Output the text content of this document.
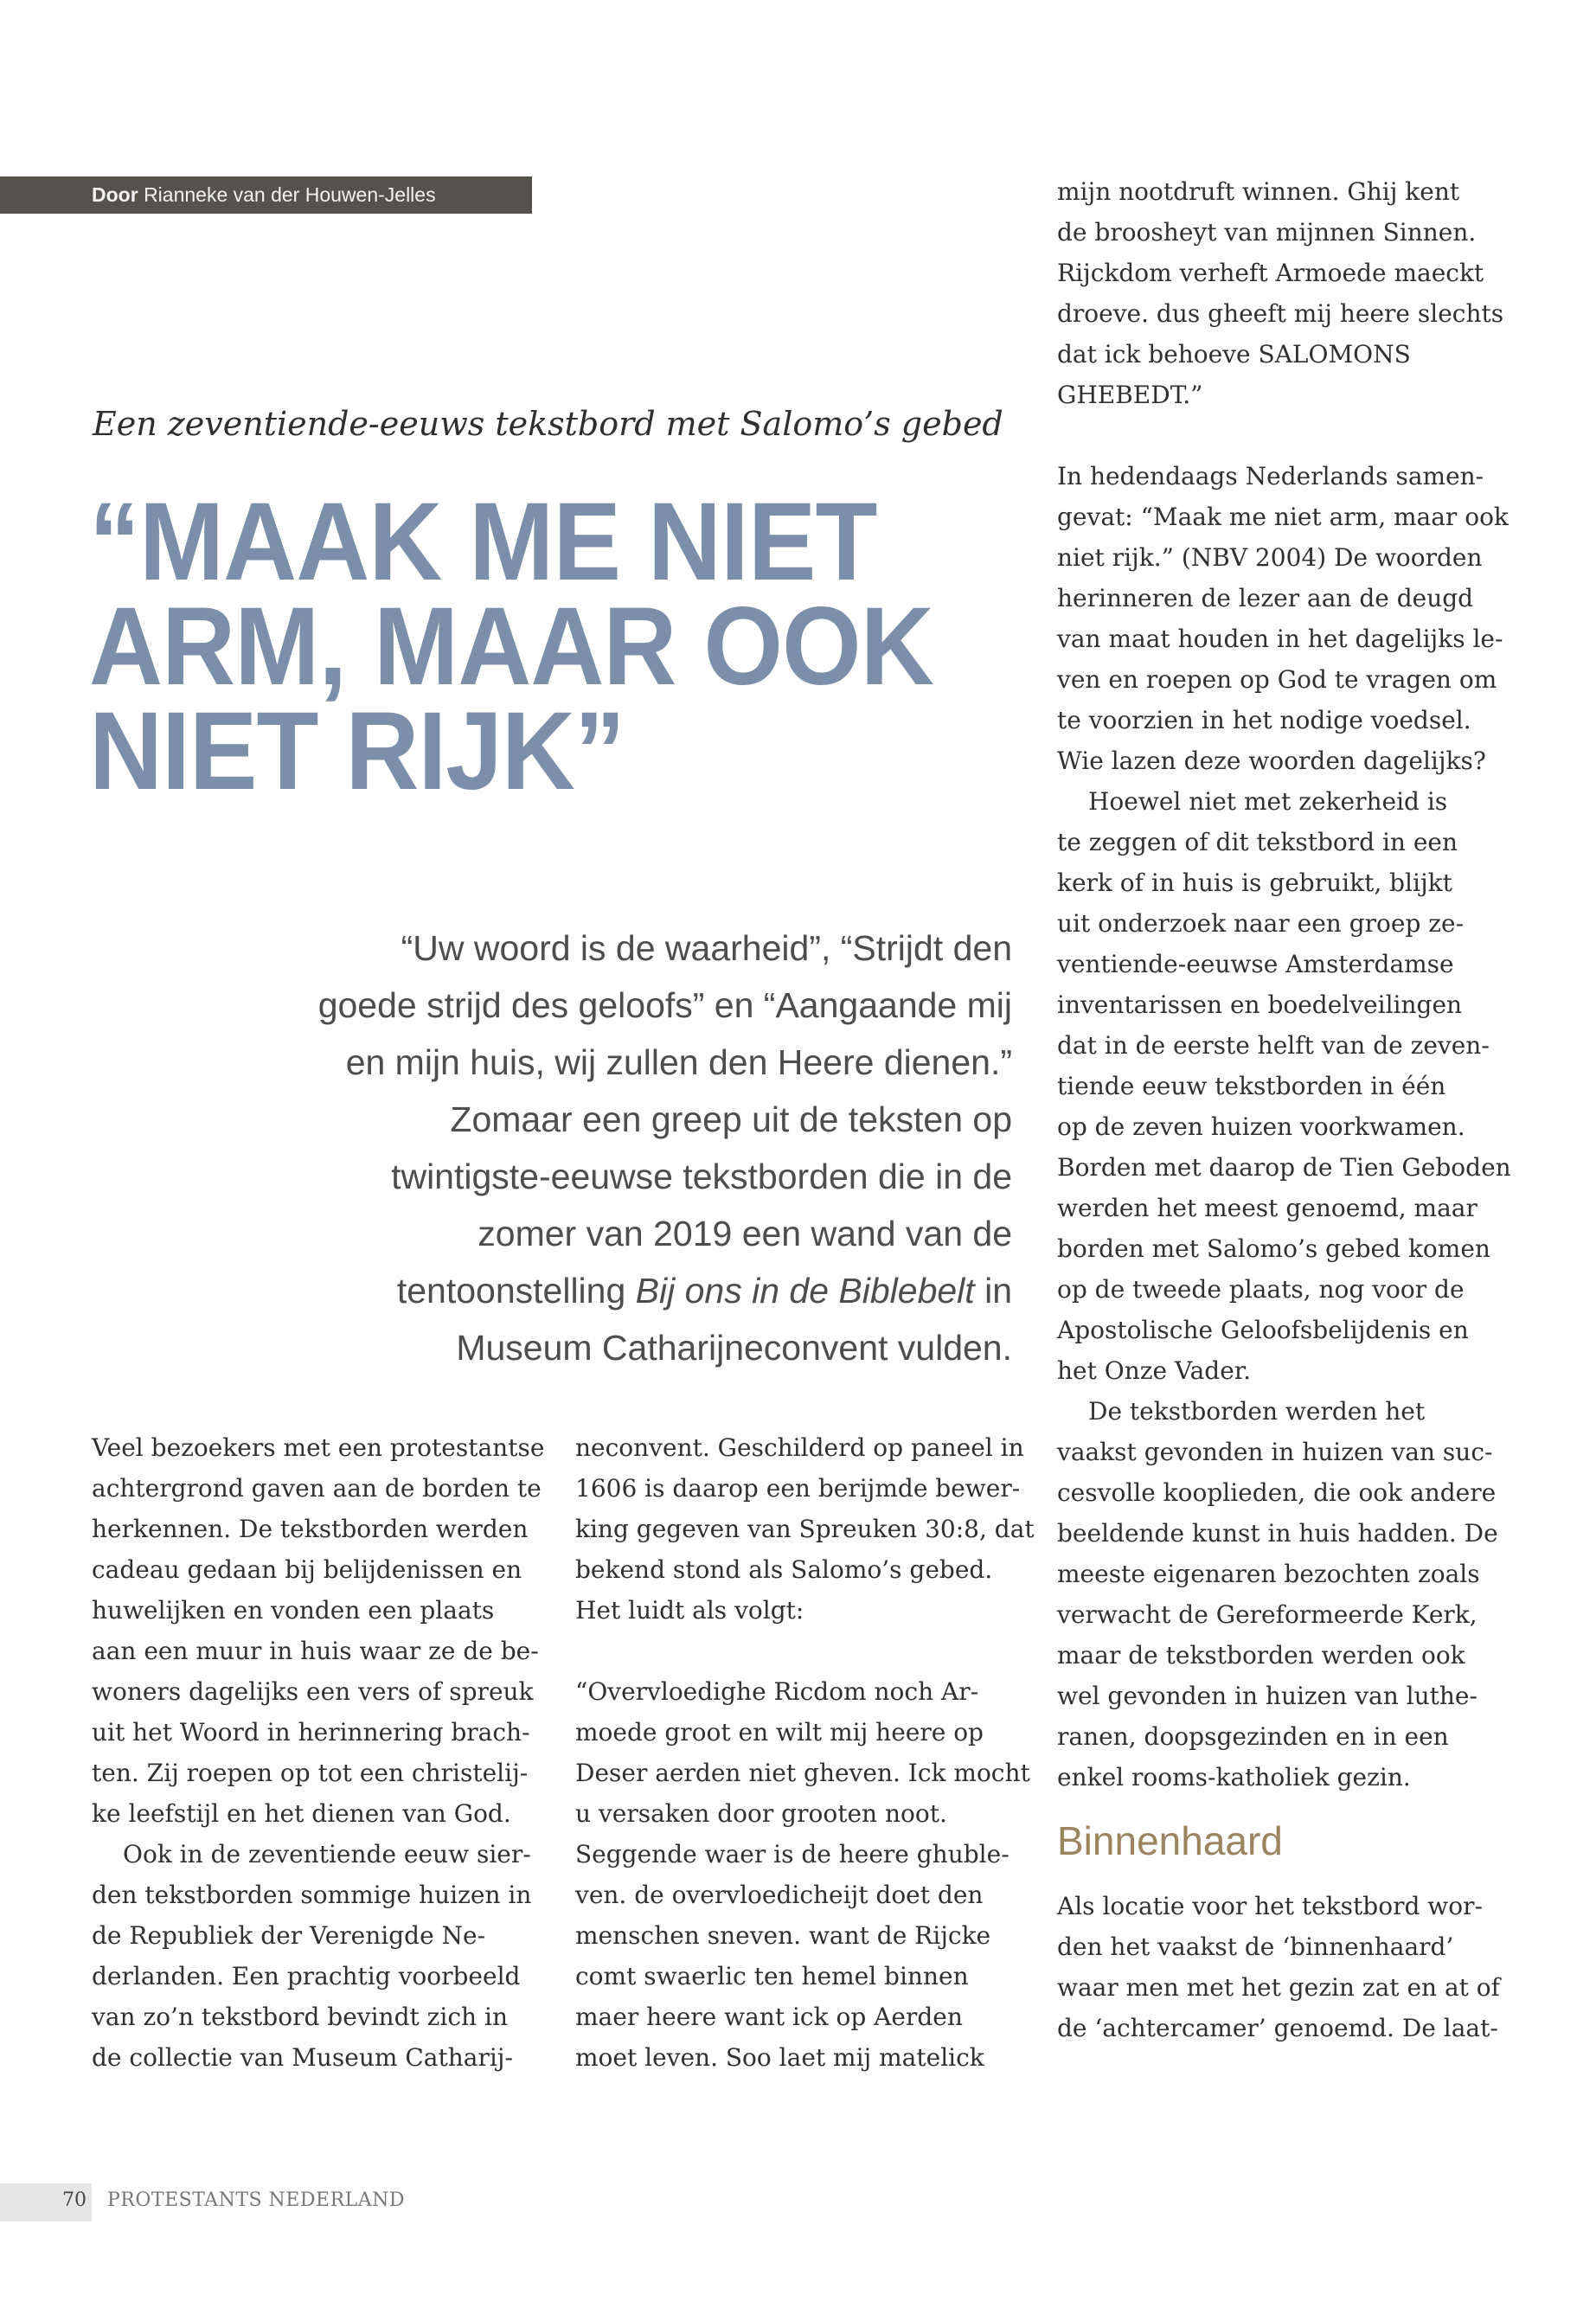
Door Rianneke van der Houwen-Jelles
Een zeventiende-eeuws tekstbord met Salomo’s gebed
“MAAK ME NIET
ARM, MAAR OOK
NIET RIJK”
“Uw woord is de waarheid”, “Strijdt den goede strijd des geloofs” en “Aangaande mij en mijn huis, wij zullen den Heere dienen.” Zomaar een greep uit de teksten op twintigste-eeuwse tekstborden die in de zomer van 2019 een wand van de tentoonstelling Bij ons in de Biblebelt in Museum Catharijneconvent vulden.
Veel bezoekers met een protestantse
achtergrond gaven aan de borden te
herkennen. De tekstborden werden
cadeau gedaan bij belijdenissen en
huwelijken en vonden een plaats
aan een muur in huis waar ze de be-
woners dagelijks een vers of spreuk
uit het Woord in herinnering brach-
ten. Zij roepen op tot een christelij-
ke leefstijl en het dienen van God.
Ook in de zeventiende eeuw sier-
den tekstborden sommige huizen in
de Republiek der Verenigde Ne-
derlanden. Een prachtig voorbeeld
van zo’n tekstbord bevindt zich in
de collectie van Museum Catharij-
neconvent. Geschilderd op paneel in
1606 is daarop een berijmde bewer-
king gegeven van Spreuken 30:8, dat
bekend stond als Salomo’s gebed.
Het luidt als volgt:
“Overvloedighe Ricdom noch Ar-
moede groot en wilt mij heere op
Deser aerden niet gheven. Ick mocht
u versaken door grooten noot.
Seggende waer is de heere ghuble-
ven. de overvloedicheijt doet den
menschen sneven. want de Rijcke
comt swaerlic ten hemel binnen
maer heere want ick op Aerden
moet leven. Soo laet mij matelick
mijn nootdruft winnen. Ghij kent
de broosheyt van mijnnen Sinnen.
Rijckdom verheft Armoede maeckt
droeve. dus gheeft mij heere slechts
dat ick behoeve SALOMONS
GHEBEDT.”
In hedendaags Nederlands samen-
gevat: “Maak me niet arm, maar ook
niet rijk.” (NBV 2004) De woorden
herinneren de lezer aan de deugd
van maat houden in het dagelijks le-
ven en roepen op God te vragen om
te voorzien in het nodige voedsel.
Wie lazen deze woorden dagelijks?
Hoewel niet met zekerheid is
te zeggen of dit tekstbord in een
kerk of in huis is gebruikt, blijkt
uit onderzoek naar een groep ze-
ventiende-eeuwse Amsterdamse
inventarissen en boedelveilingen
dat in de eerste helft van de zeven-
tiende eeuw tekstborden in één
op de zeven huizen voorkwamen.
Borden met daarop de Tien Geboden
werden het meest genoemd, maar
borden met Salomo’s gebed komen
op de tweede plaats, nog voor de
Apostolische Geloofsbelijdenis en
het Onze Vader.
De tekstborden werden het
vaakst gevonden in huizen van suc-
cesvolle kooplieden, die ook andere
beeldende kunst in huis hadden. De
meeste eigenaren bezochten zoals
verwacht de Gereformeerde Kerk,
maar de tekstborden werden ook
wel gevonden in huizen van luthe-
ranen, doopsgezinden en in een
enkel rooms-katholiek gezin.
Binnenhaard
Als locatie voor het tekstbord wor-
den het vaakst de ‘binnenhaard’
waar men met het gezin zat en at of
de ‘achtercamer’ genoemd. De laat-
70 PROTESTANTS NEDERLAND
